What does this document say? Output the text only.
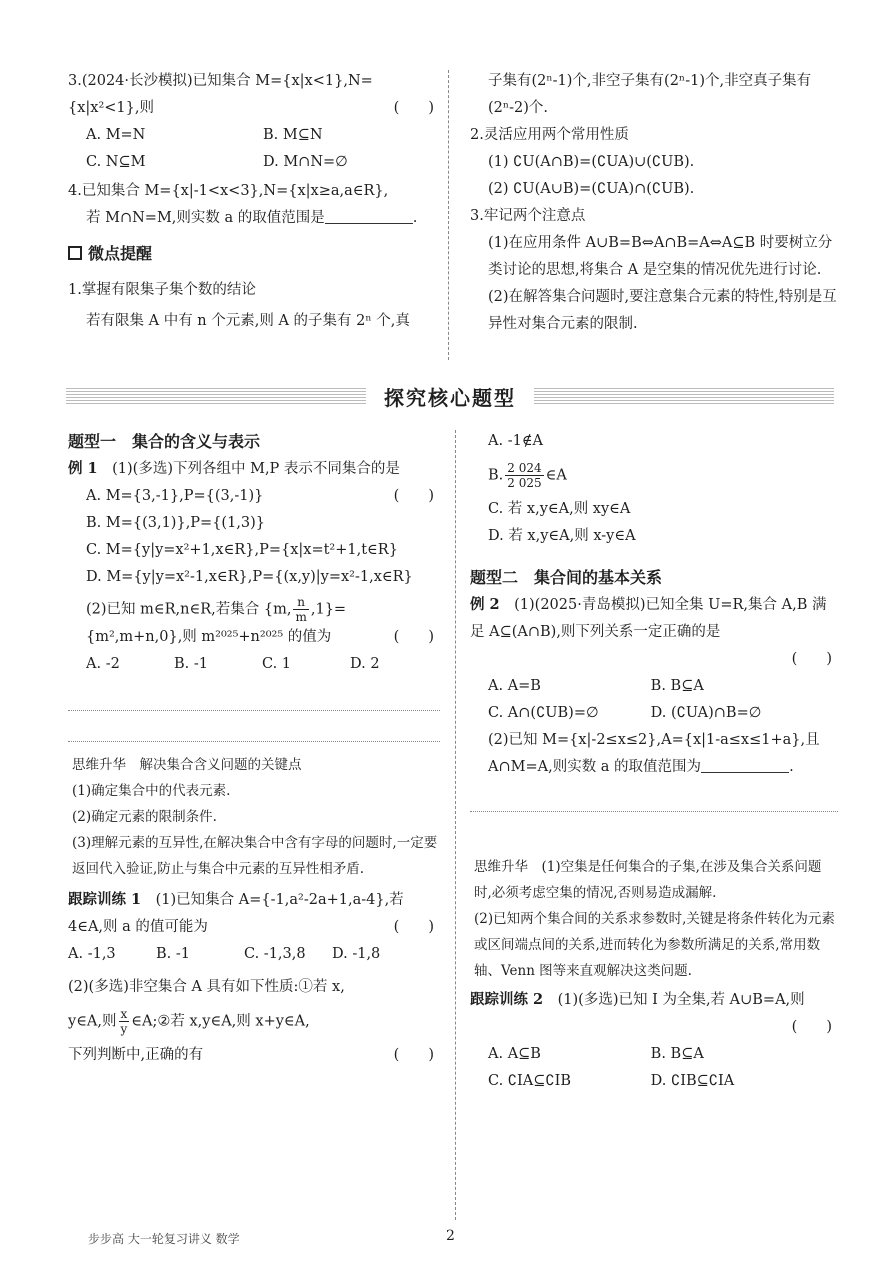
3.(2024·长沙模拟)已知集合 M={x|x<1},N={x|x²<1},则	(　　)

A. M=N	B. M⊆N
C. N⊆M	D. M∩N=∅

4.已知集合 M={x|-1<x<3},N={x|x≥a,a∈R},

若 M∩N=M,则实数 a 的取值范围是	.

微点提醒

1.掌握有限集子集个数的结论

若有限集 A 中有 n 个元素,则 A 的子集有 2ⁿ 个,真

子集有(2ⁿ-1)个,非空子集有(2ⁿ-1)个,非空真子集有(2ⁿ-2)个.

2.灵活应用两个常用性质

(1) ∁U(A∩B)=(∁UA)∪(∁UB).

(2) ∁U(A∪B)=(∁UA)∩(∁UB).

3.牢记两个注意点

(1)在应用条件 A∪B=B⇔A∩B=A⇔A⊆B 时要树立分类讨论的思想,将集合 A 是空集的情况优先进行讨论.

(2)在解答集合问题时,要注意集合元素的特性,特别是互异性对集合元素的限制.

探究核心题型

题型一　集合的含义与表示

例 1　 (1)(多选)下列各组中 M,P 表示不同集合的是
(　　)

A. M={3,-1},P={(3,-1)}

B. M={(3,1)},P={(1,3)}

C. M={y|y=x²+1,x∈R},P={x|x=t²+1,t∈R}

D. M={y|y=x²-1,x∈R},P={(x,y)|y=x²-1,x∈R}

(2)已知 m∈R,n∈R,若集合 {m, $\frac{n}{m} ,1\}=$

{m²,m+n,0},则 m²⁰²⁵+n²⁰²⁵ 的值为	(　　)

A. -2	B. -1	C. 1	D. 2

思维升华　 解决集合含义问题的关键点

(1)确定集合中的代表元素.

(2)确定元素的限制条件.

(3)理解元素的互异性,在解决集合中含有字母的问题时,一定要返回代入验证,防止与集合中元素的互异性相矛盾.

跟踪训练 1　 (1)已知集合 A={-1,a²-2a+1,a-4},若 4∈A,则 a 的值可能为	(　　)

A. -1,3	B. -1	C. -1,3,8	D. -1,8

(2)(多选)非空集合 A 具有如下性质:①若 x,

y∈A,则 $\frac{x}{y}$ ∈A;②若 x,y∈A,则 x+y∈A,

下列判断中,正确的有	(　　)

A. -1∉A

B. $\frac{2 024}{2 025}$ ∈A

C. 若 x,y∈A,则 xy∈A

D. 若 x,y∈A,则 x-y∈A

题型二　集合间的基本关系

例 2　 (1)(2025·青岛模拟)已知全集 U=R,集合 A,B 满足 A⊆(A∩B),则下列关系一定正确的是

(　　)

A. A=B	B. B⊆A
C. A∩(∁UB)=∅	D. (∁UA)∩B=∅

(2)已知 M={x|-2≤x≤2},A={x|1-a≤x≤1+a},且 A∩M=A,则实数 a 的取值范围为	.

思维升华　 (1)空集是任何集合的子集,在涉及集合关系问题时,必须考虑空集的情况,否则易造成漏解.

(2)已知两个集合间的关系求参数时,关键是将条件转化为元素或区间端点间的关系,进而转化为参数所满足的关系,常用数轴、Venn 图等来直观解决这类问题.

跟踪训练 2　 (1)(多选)已知 I 为全集,若 A∪B=A,则

(　　)

A. A⊆B	B. B⊆A
C. ∁IA⊆∁IB	D. ∁IB⊆∁IA
步步高 大一轮复习讲义 数学	2
